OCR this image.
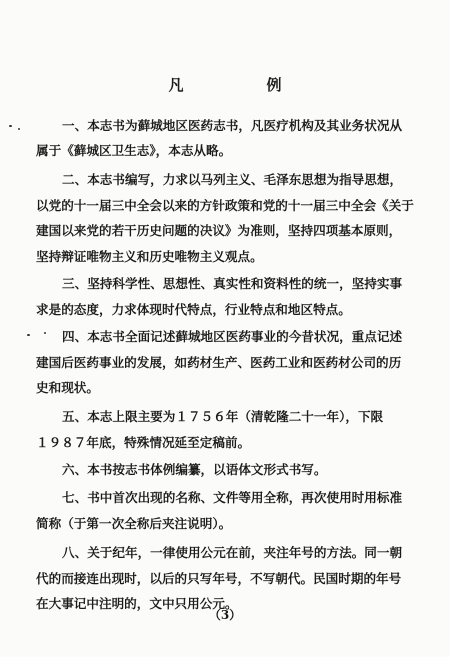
凡　例
一、本志书为藓城地区医药志书，凡医疗机构及其业务状况从
属于《藓城区卫生志》，本志从略。
二、本志书编写，力求以马列主义、毛泽东思想为指导思想，
以党的十一届三中全会以来的方针政策和党的十一届三中全会《关于
建国以来党的若干历史问题的决议》为准则，坚持四项基本原则，
坚持辩证唯物主义和历史唯物主义观点。
三、坚持科学性、思想性、真实性和资料性的统一，坚持实事
求是的态度，力求体现时代特点，行业特点和地区特点。
四、本志书全面记述藓城地区医药事业的今昔状况，重点记述
建国后医药事业的发展，如药材生产、医药工业和医药材公司的历
史和现状。
五、本志上限主要为１７５６年（清乾隆二十一年），下限
１９８７年底，特殊情况延至定稿前。
六、本书按志书体例编纂，以语体文形式书写。
七、书中首次出现的名称、文件等用全称，再次使用时用标准
简称（于第一次全称后夹注说明）。
八、关于纪年，一律使用公元在前，夹注年号的方法。同一朝
代的而接连出现时，以后的只写年号，不写朝代。民国时期的年号
在大事记中注明的，文中只用公元。
（3）
